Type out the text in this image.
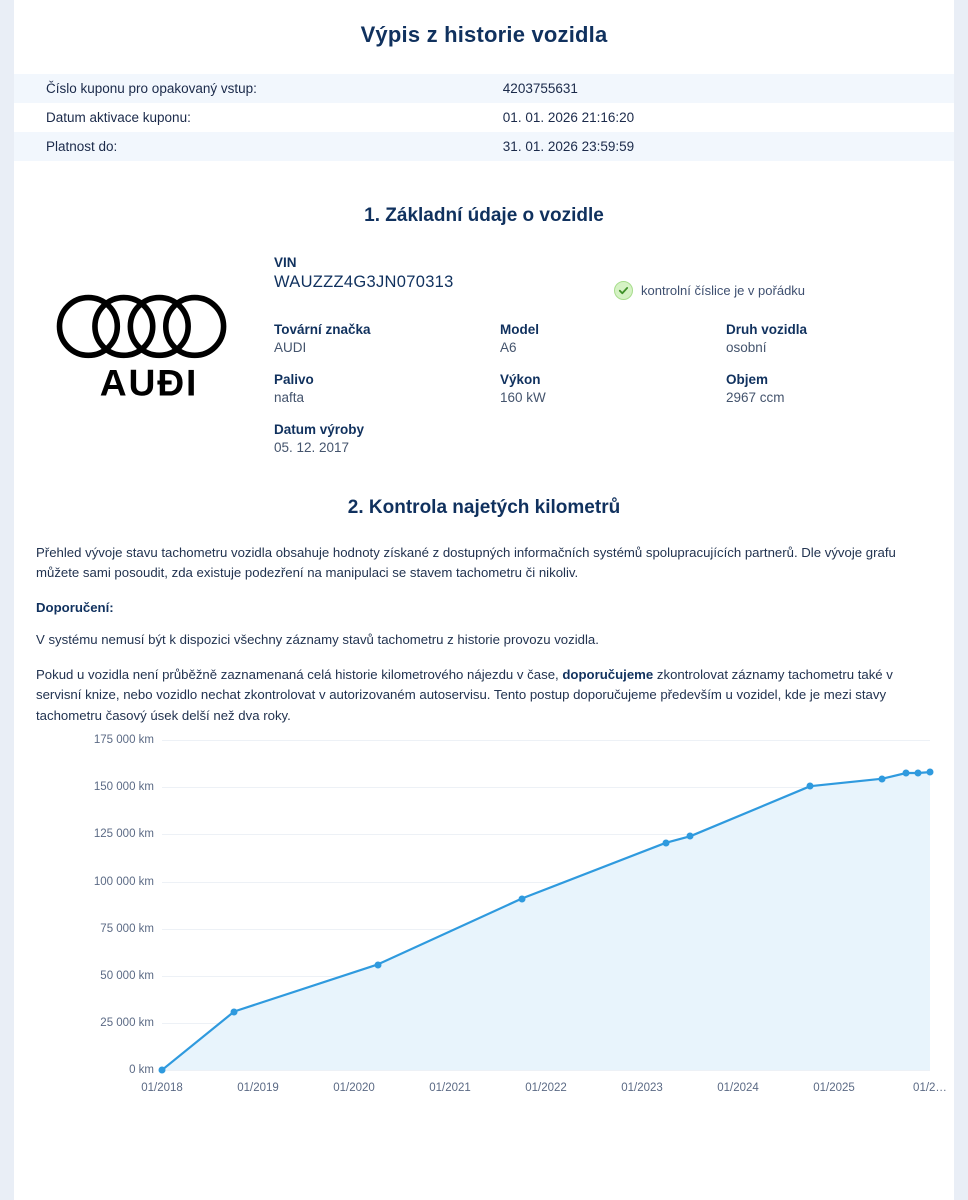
Výpis z historie vozidla
Číslo kuponu pro opakovaný vstup:	4203755631
Datum aktivace kuponu:	01. 01. 2026 21:16:20
Platnost do:	31. 01. 2026 23:59:59
1. Základní údaje o vozidle
AUƉI
VIN
WAUZZZ4G3JN070313	kontrolní číslice je v pořádku
Tovární značka
AUDI
Model
A6
Druh vozidla
osobní
Palivo
nafta
Výkon
160 kW
Objem
2967 ccm
Datum výroby
05. 12. 2017
2. Kontrola najetých kilometrů

Přehled vývoje stavu tachometru vozidla obsahuje hodnoty získané z dostupných informačních systémů spolupracujících partnerů. Dle vývoje grafu můžete sami posoudit, zda existuje podezření na manipulaci se stavem tachometru či nikoliv.

Doporučení:

V systému nemusí být k dispozici všechny záznamy stavů tachometru z historie provozu vozidla.

Pokud u vozidla není průběžně zaznamenaná celá historie kilometrového nájezdu v čase, doporučujeme zkontrolovat záznamy tachometru také v servisní knize, nebo vozidlo nechat zkontrolovat v autorizovaném autoservisu. Tento postup doporučujeme především u vozidel, kde je mezi stavy tachometru časový úsek delší než dva roky.

0 km
25 000 km
50 000 km
75 000 km
100 000 km
125 000 km
150 000 km
175 000 km
01/2018	01/2019	01/2020	01/2021	01/2022	01/2023	01/2024	01/2025	01/2…
